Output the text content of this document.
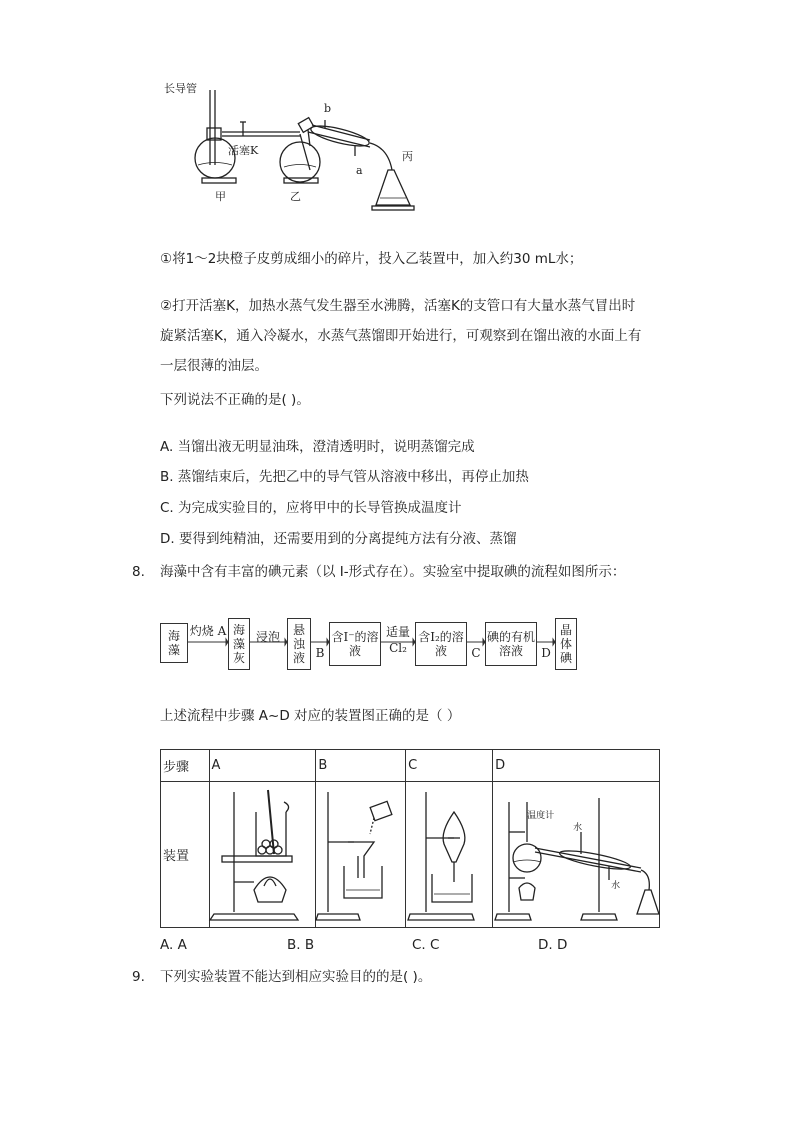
长导管
活塞K
甲	乙
丙
a
b
①将1～2块橙子皮剪成细小的碎片，投入乙装置中，加入约30 mL水；
②打开活塞K，加热水蒸气发生器至水沸腾，活塞K的支管口有大量水蒸气冒出时
旋紧活塞K，通入冷凝水，水蒸气蒸馏即开始进行，可观察到在馏出液的水面上有
一层很薄的油层。
下列说法不正确的是( )。
A. 当馏出液无明显油珠，澄清透明时，说明蒸馏完成
B. 蒸馏结束后，先把乙中的导气管从溶液中移出，再停止加热
C. 为完成实验目的，应将甲中的长导管换成温度计
D. 要得到纯精油，还需要用到的分离提纯方法有分液、蒸馏
8. 海藻中含有丰富的碘元素（以 I-形式存在）。实验室中提取碘的流程如图所示：
海藻
灼烧 A 海藻灰
浸泡	悬浊液 B
含I⁻的溶液
适量 Cl₂
含I₂的溶液	C
碘的有机溶液	D
晶体碘
上述流程中步骤 A~D 对应的装置图正确的是（ ）
步骤	A	B	C	D
装置				温度计
水
水
A. A	B. B	C. C	D. D
9. 下列实验装置不能达到相应实验目的的是( )。
